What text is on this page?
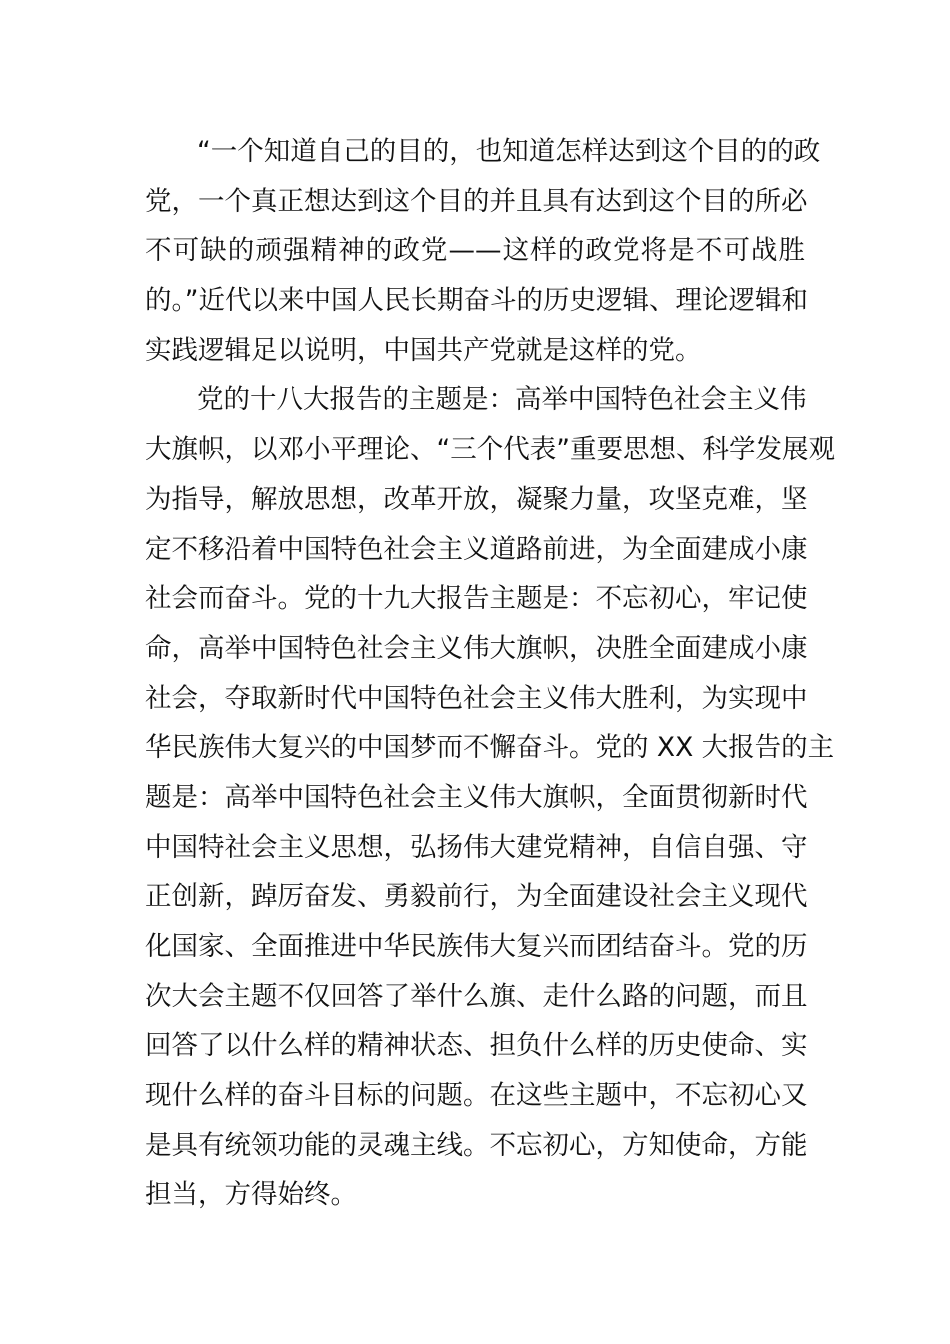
“一个知道自己的目的，也知道怎样达到这个目的的政
党，一个真正想达到这个目的并且具有达到这个目的所必
不可缺的顽强精神的政党——这样的政党将是不可战胜
的。”近代以来中国人民长期奋斗的历史逻辑、理论逻辑和
实践逻辑足以说明，中国共产党就是这样的党。
党的十八大报告的主题是：高举中国特色社会主义伟
大旗帜，以邓小平理论、“三个代表”重要思想、科学发展观
为指导，解放思想，改革开放，凝聚力量，攻坚克难，坚
定不移沿着中国特色社会主义道路前进，为全面建成小康
社会而奋斗。党的十九大报告主题是：不忘初心，牢记使
命，高举中国特色社会主义伟大旗帜，决胜全面建成小康
社会，夺取新时代中国特色社会主义伟大胜利，为实现中
华民族伟大复兴的中国梦而不懈奋斗。党的 XX 大报告的主
题是：高举中国特色社会主义伟大旗帜，全面贯彻新时代
中国特社会主义思想，弘扬伟大建党精神，自信自强、守
正创新，踔厉奋发、勇毅前行，为全面建设社会主义现代
化国家、全面推进中华民族伟大复兴而团结奋斗。党的历
次大会主题不仅回答了举什么旗、走什么路的问题，而且
回答了以什么样的精神状态、担负什么样的历史使命、实
现什么样的奋斗目标的问题。在这些主题中，不忘初心又
是具有统领功能的灵魂主线。不忘初心，方知使命，方能
担当，方得始终。
